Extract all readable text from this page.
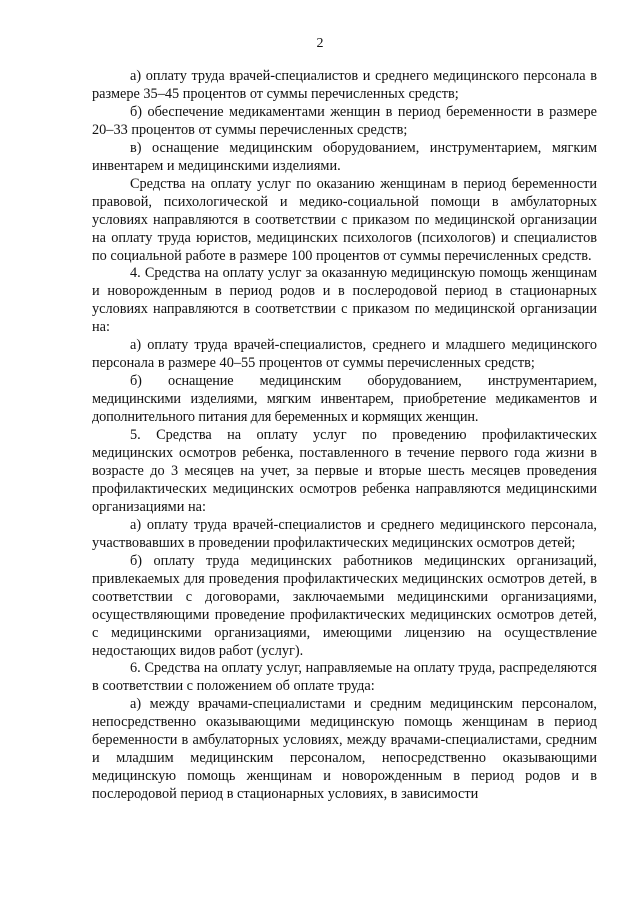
2

а) оплату труда врачей-специалистов и среднего медицинского персонала в размере 35–45 процентов от суммы перечисленных средств;

б) обеспечение медикаментами женщин в период беременности в размере 20–33 процентов от суммы перечисленных средств;

в) оснащение медицинским оборудованием, инструментарием, мягким инвентарем и медицинскими изделиями.

Средства на оплату услуг по оказанию женщинам в период беременности правовой, психологической и медико-социальной помощи в амбулаторных условиях направляются в соответствии с приказом по медицинской организации на оплату труда юристов, медицинских психологов (психологов) и специалистов по социальной работе в размере 100 процентов от суммы перечисленных средств.

4. Средства на оплату услуг за оказанную медицинскую помощь женщинам и новорожденным в период родов и в послеродовой период в стационарных условиях направляются в соответствии с приказом по медицинской организации на:

а) оплату труда врачей-специалистов, среднего и младшего медицинского персонала в размере 40–55 процентов от суммы перечисленных средств;

б) оснащение медицинским оборудованием, инструментарием, медицинскими изделиями, мягким инвентарем, приобретение медикаментов и дополнительного питания для беременных и кормящих женщин.

5. Средства на оплату услуг по проведению профилактических медицинских осмотров ребенка, поставленного в течение первого года жизни в возрасте до 3 месяцев на учет, за первые и вторые шесть месяцев проведения профилактических медицинских осмотров ребенка направляются медицинскими организациями на:

а) оплату труда врачей-специалистов и среднего медицинского персонала, участвовавших в проведении профилактических медицинских осмотров детей;

б) оплату труда медицинских работников медицинских организаций, привлекаемых для проведения профилактических медицинских осмотров детей, в соответствии с договорами, заключаемыми медицинскими организациями, осуществляющими проведение профилактических медицинских осмотров детей, с медицинскими организациями, имеющими лицензию на осуществление недостающих видов работ (услуг).

6. Средства на оплату услуг, направляемые на оплату труда, распределяются в соответствии с положением об оплате труда:

а) между врачами-специалистами и средним медицинским персоналом, непосредственно оказывающими медицинскую помощь женщинам в период беременности в амбулаторных условиях, между врачами-специалистами, средним и младшим медицинским персоналом, непосредственно оказывающими медицинскую помощь женщинам и новорожденным в период родов и в послеродовой период в стационарных условиях, в зависимости
